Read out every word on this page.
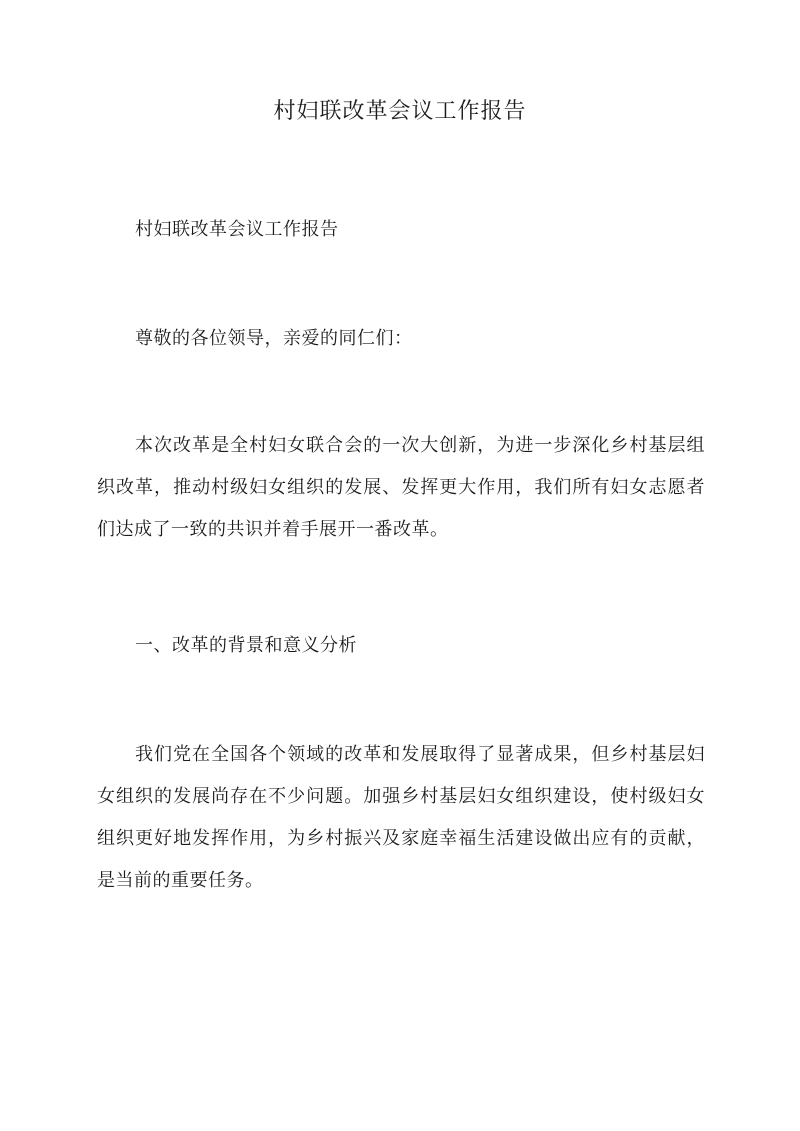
村妇联改革会议工作报告

村妇联改革会议工作报告

尊敬的各位领导，亲爱的同仁们：

本次改革是全村妇女联合会的一次大创新，为进一步深化乡村基层组织改革，推动村级妇女组织的发展、发挥更大作用，我们所有妇女志愿者们达成了一致的共识并着手展开一番改革。

一、改革的背景和意义分析

我们党在全国各个领域的改革和发展取得了显著成果，但乡村基层妇女组织的发展尚存在不少问题。加强乡村基层妇女组织建设，使村级妇女组织更好地发挥作用，为乡村振兴及家庭幸福生活建设做出应有的贡献，是当前的重要任务。
